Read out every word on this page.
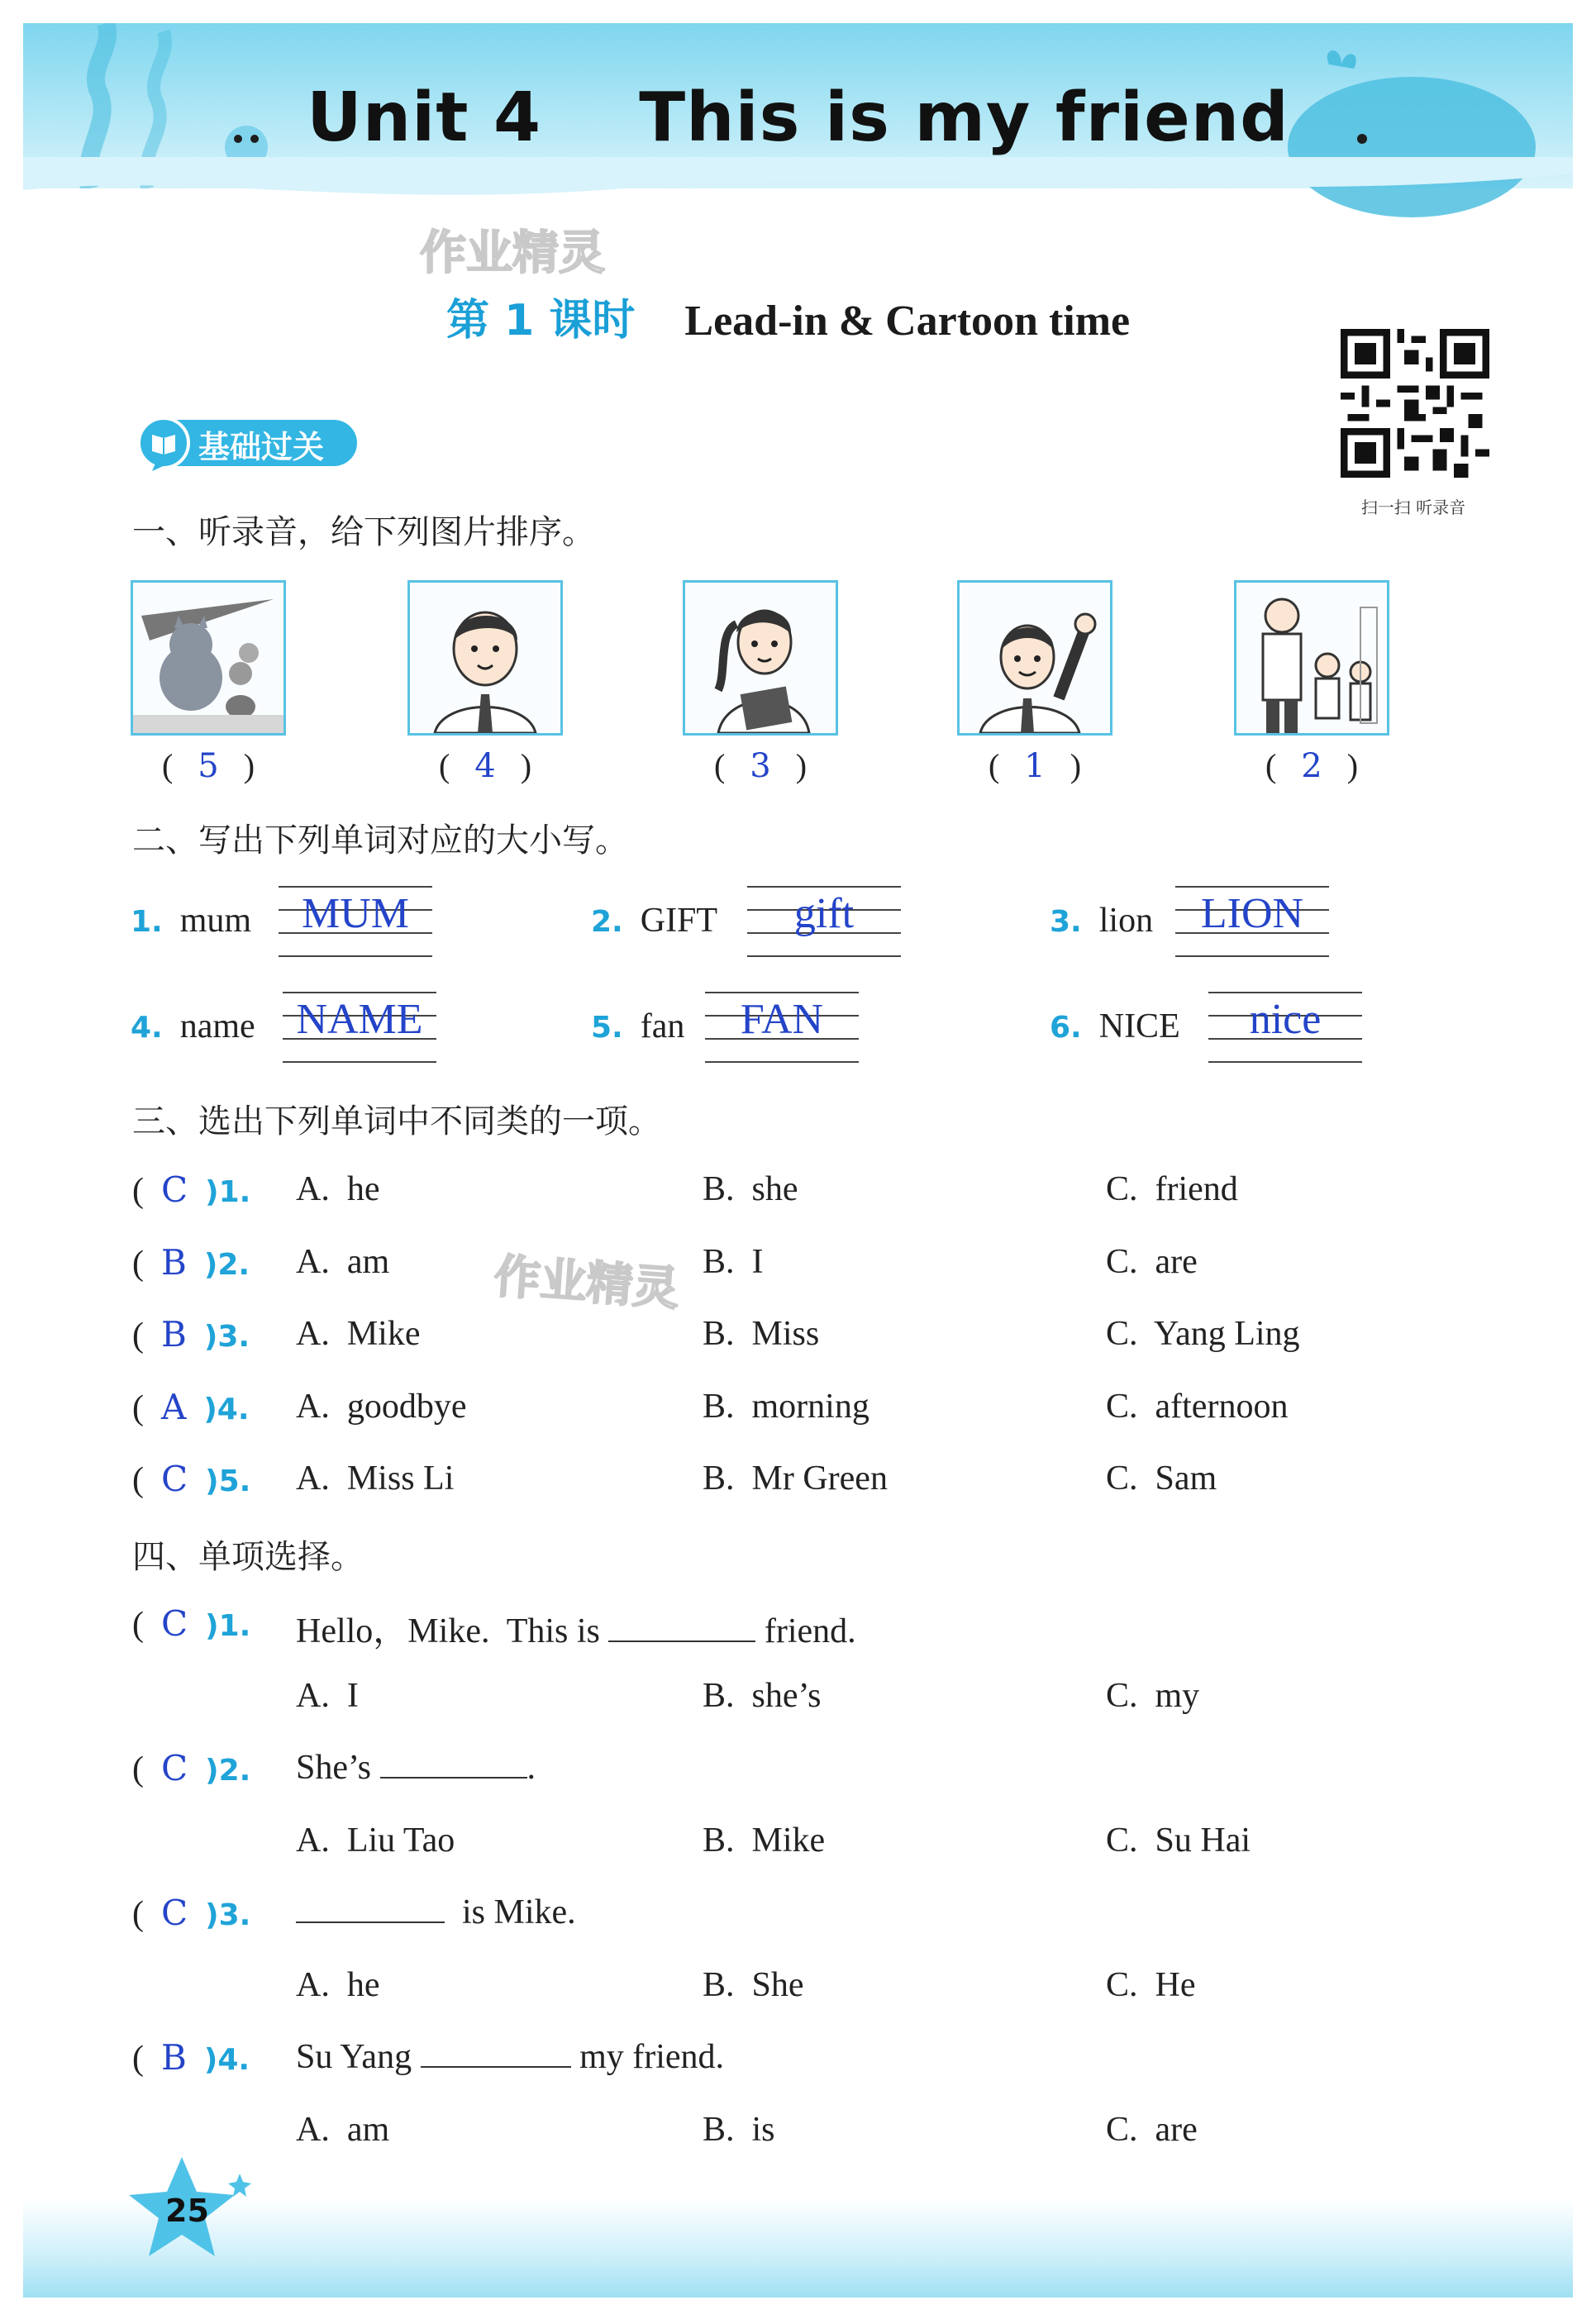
Unit 4    This is my friend
作业精灵
作业精灵
第 1 课时 Lead-in & Cartoon time
扫一扫 听录音
基础过关
一、听录音，给下列图片排序。
(   5   )	(   4   )	(   3   )	(   1   )	(   2   )
二、写出下列单词对应的大小写。
1. mum	MUM	2. GIFT	gift	3. lion	LION
4. name NAME	5. fan	FAN	6. NICE	nice
三、选出下列单词中不同类的一项。
(  C )1. A.  he	B.  she	C.  friend
(  B )2. A.  am	B.  I	C.  are
(  B )3. A.  Mike	B.  Miss	C.  Yang Ling
(  A )4. A.  goodbye	B.  morning	C.  afternoon
(  C )5. A.  Miss Li	B.  Mr Green	C.  Sam
四、单项选择。
(  C )1. Hello，Mike.  This is	friend.
A.  I	B.  she’s	C.  my
(  C )2. She’s	.
A.  Liu Tao	B.  Mike	C.  Su Hai
(  C )3.	is Mike.
A.  he	B.  She	C.  He
(  B )4. Su Yang	my friend.
A.  am	B.  is	C.  are
25
